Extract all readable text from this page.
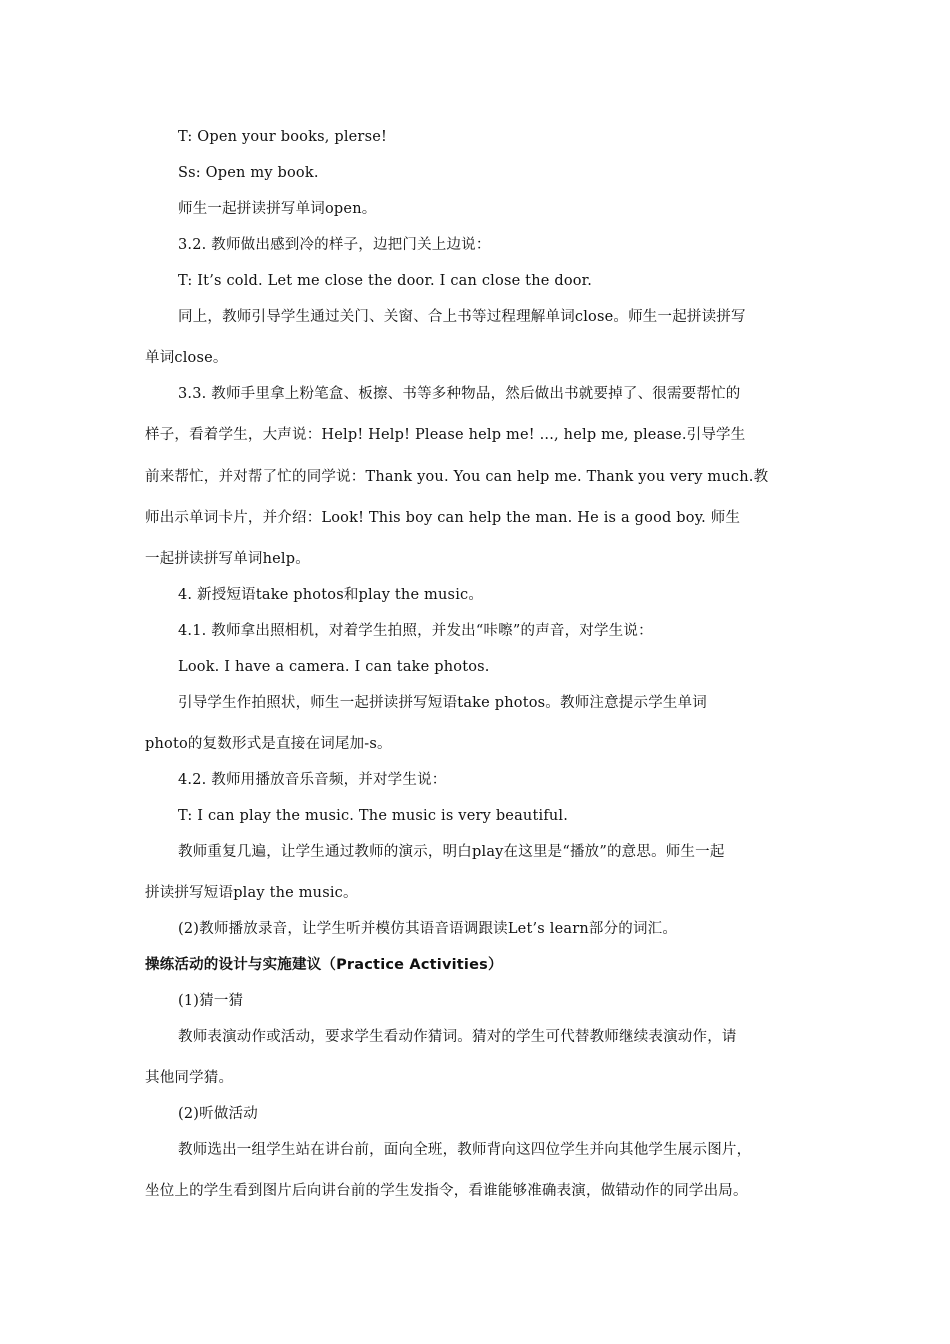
T: Open your books, plerse!
Ss: Open my book.
师生一起拼读拼写单词open。
3.2. 教师做出感到冷的样子，边把门关上边说：
T: It’s cold. Let me close the door. I can close the door.
同上，教师引导学生通过关门、关窗、合上书等过程理解单词close。师生一起拼读拼写
单词close。
3.3. 教师手里拿上粉笔盒、板擦、书等多种物品，然后做出书就要掉了、很需要帮忙的
样子，看着学生，大声说：Help! Help! Please help me! ..., help me, please.引导学生
前来帮忙，并对帮了忙的同学说：Thank you. You can help me. Thank you very much.教
师出示单词卡片，并介绍：Look! This boy can help the man. He is a good boy. 师生
一起拼读拼写单词help。
4. 新授短语take photos和play the music。
4.1. 教师拿出照相机，对着学生拍照，并发出“咔嚓”的声音，对学生说：
Look. I have a camera. I can take photos.
引导学生作拍照状，师生一起拼读拼写短语take photos。教师注意提示学生单词
photo的复数形式是直接在词尾加-s。
4.2. 教师用播放音乐音频，并对学生说：
T: I can play the music. The music is very beautiful.
教师重复几遍，让学生通过教师的演示，明白play在这里是“播放”的意思。师生一起
拼读拼写短语play the music。
(2)教师播放录音，让学生听并模仿其语音语调跟读Let’s learn部分的词汇。
操练活动的设计与实施建议（Practice Activities）
(1)猜一猜
教师表演动作或活动，要求学生看动作猜词。猜对的学生可代替教师继续表演动作，请
其他同学猜。
(2)听做活动
教师选出一组学生站在讲台前，面向全班，教师背向这四位学生并向其他学生展示图片，
坐位上的学生看到图片后向讲台前的学生发指令，看谁能够准确表演，做错动作的同学出局。
